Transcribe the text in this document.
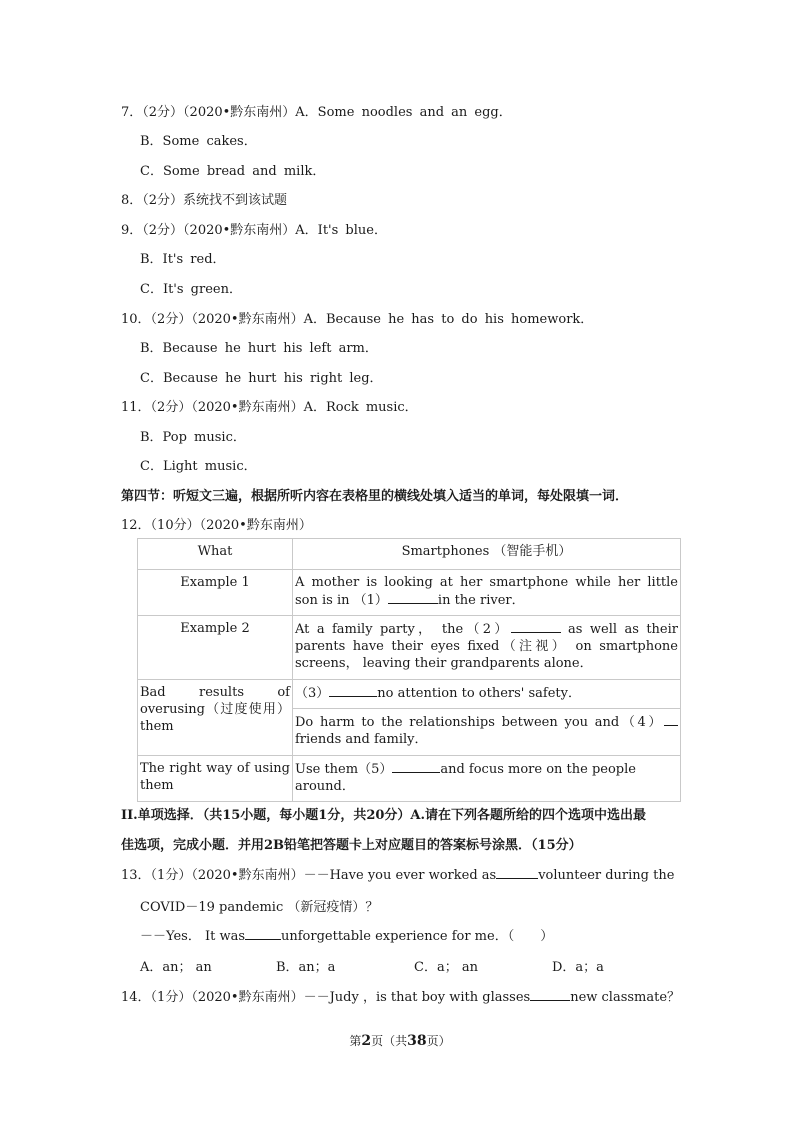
7．（2分）（2020•黔东南州）A．Some noodles and an egg．
B．Some cakes．
C．Some bread and milk．
8．（2分）系统找不到该试题
9．（2分）（2020•黔东南州）A．It's blue．
B．It's red．
C．It's green．
10．（2分）（2020•黔东南州）A．Because he has to do his homework．
B．Because he hurt his left arm．
C．Because he hurt his right leg．
11．（2分）（2020•黔东南州）A．Rock music．
B．Pop music．
C．Light music．
第四节：听短文三遍，根据所听内容在表格里的横线处填入适当的单词，每处限填一词．
12．（10分）（2020•黔东南州）
What	Smartphones （智能手机）
Example 1	A mother is looking at her smartphone while her little son is in （1） in the river．
Example 2	At a family party， the（2） as well as their parents have their eyes fixed（注视） on smartphone screens， leaving their grandparents alone．
Bad results of overusing（过度使用） them	（3） no attention to others' safety．
	Do harm to the relationships between you and（4） friends and family．
The right way of using them	Use them（5） and focus more on the people around．
II.单项选择．（共15小题，每小题1分，共20分）A.请在下列各题所给的四个选项中选出最
佳选项，完成小题．并用2B铅笔把答题卡上对应题目的答案标号涂黑．（15分）
13．（1分）（2020•黔东南州）－－Have you ever worked as	volunteer during the
COVID－19 pandemic （新冠疫情）？
－－Yes． It was	unforgettable experience for me．（　　）
A．an； an	B．an；a	C．a； an	D．a；a
14．（1分）（2020•黔东南州）－－Judy ，is that boy with glasses	new classmate？
第2页（共38页）
